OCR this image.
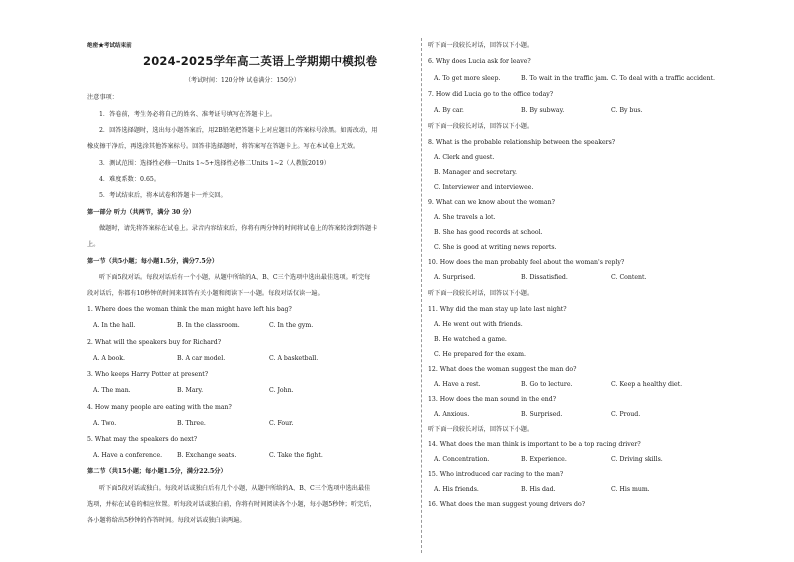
绝密★考试结束前
2024-2025学年高二英语上学期期中模拟卷
（考试时间：120分钟 试卷满分：150分）
注意事项：
1．答卷前，考生务必将自己的姓名、准考证号填写在答题卡上。
2．回答选择题时，选出每小题答案后，用2B铅笔把答题卡上对应题目的答案标号涂黑。如需改动，用
橡皮擦干净后，再选涂其他答案标号。回答非选择题时，将答案写在答题卡上。写在本试卷上无效。
3．测试范围：选择性必修一Units 1~5+选择性必修二Units 1~2（人教版2019）
4．难度系数：0.65。
5．考试结束后，将本试卷和答题卡一并交回。
第一部分 听力（共两节，满分 30 分）
做题时，请先将答案标在试卷上。录音内容结束后，你将有两分钟的时间将试卷上的答案转涂到答题卡
上。
第一节（共5小题；每小题1.5分，满分7.5分）
听下面5段对话。每段对话后有一个小题，从题中所给的A、B、C三个选项中选出最佳选项。听完每
段对话后，你都有10秒钟的时间来回答有关小题和阅读下一小题。每段对话仅读一遍。
1. Where does the woman think the man might have left his bag?
A. In the hall.	B. In the classroom.	C. In the gym.
2. What will the speakers buy for Richard?
A. A book.	B. A car model.	C. A basketball.
3. Who keeps Harry Potter at present?
A. The man.	B. Mary.	C. John.
4. How many people are eating with the man?
A. Two.	B. Three.	C. Four.
5. What may the speakers do next?
A. Have a conference. B. Exchange seats.	C. Take the fight.
第二节（共15小题；每小题1.5分，满分22.5分）
听下面5段对话或独白。每段对话或独白后有几个小题，从题中所给的A、B、C三个选项中选出最佳
选项，并标在试卷的相应位置。听每段对话或独白前，你将有时间阅读各个小题，每小题5秒钟；听完后，
各小题将给出5秒钟的作答时间。每段对话或独白读两遍。
听下面一段较长对话，回答以下小题。
6. Why does Lucia ask for leave?
A. To get more sleep.	B. To wait in the traffic jam. C. To deal with a traffic accident.
7. How did Lucia go to the office today?
A. By car.	B. By subway.	C. By bus.
听下面一段较长对话，回答以下小题。
8. What is the probable relationship between the speakers?
A. Clerk and guest.
B. Manager and secretary.
C. Interviewer and interviewee.
9. What can we know about the woman?
A. She travels a lot.
B. She has good records at school.
C. She is good at writing news reports.
10. How does the man probably feel about the woman's reply?
A. Surprised.	B. Dissatisfied.	C. Content.
听下面一段较长对话，回答以下小题。
11. Why did the man stay up late last night?
A. He went out with friends.
B. He watched a game.
C. He prepared for the exam.
12. What does the woman suggest the man do?
A. Have a rest.	B. Go to lecture.	C. Keep a healthy diet.
13. How does the man sound in the end?
A. Anxious.	B. Surprised.	C. Proud.
听下面一段较长对话，回答以下小题。
14. What does the man think is important to be a top racing driver?
A. Concentration.	B. Experience.	C. Driving skills.
15. Who introduced car racing to the man?
A. His friends.	B. His dad.	C. His mum.
16. What does the man suggest young drivers do?
